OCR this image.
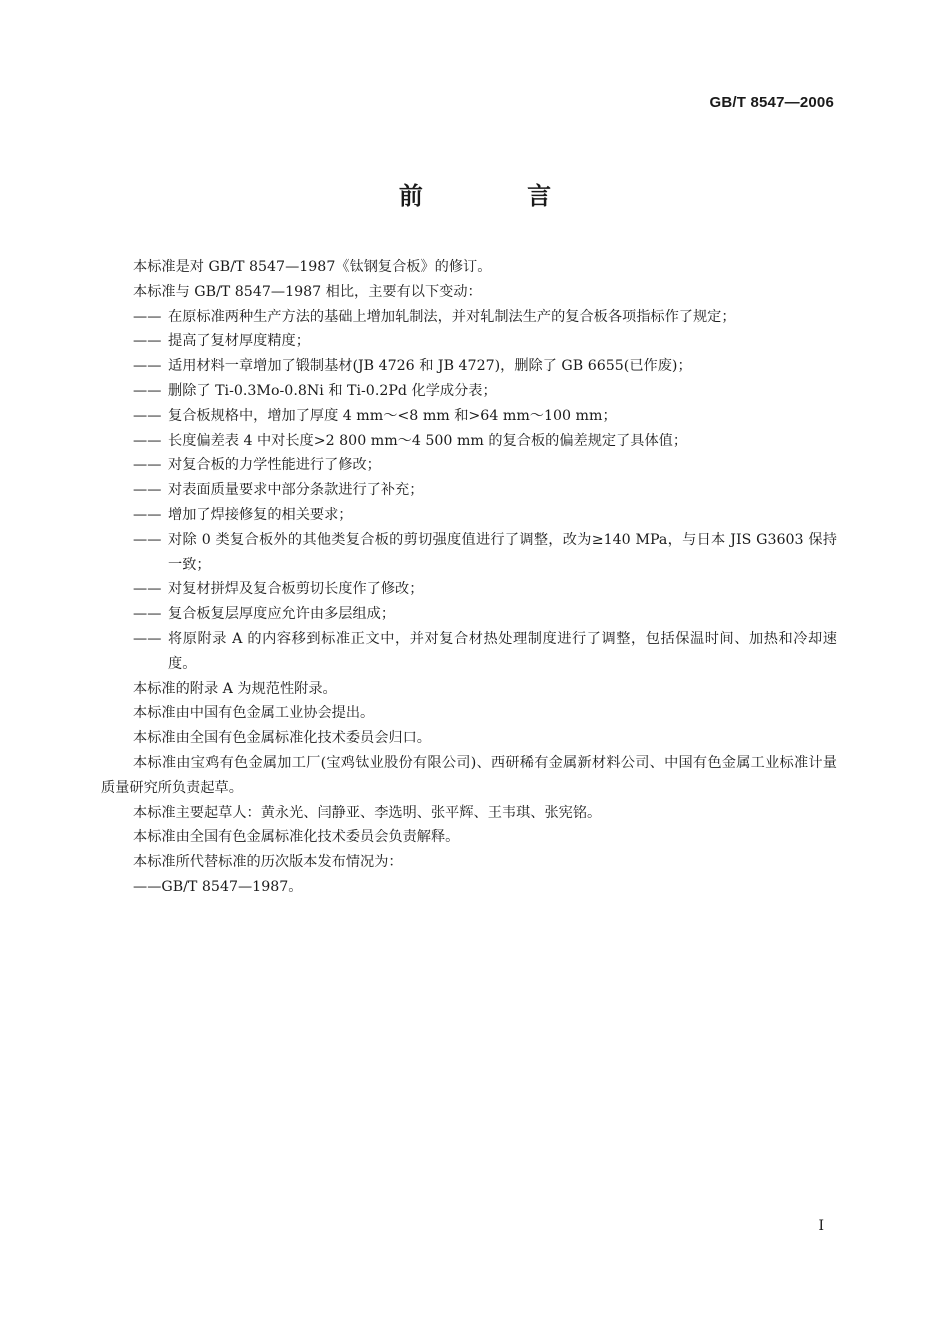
GB/T 8547—2006
前 言

本标准是对 GB/T 8547—1987《钛钢复合板》的修订。

本标准与 GB/T 8547—1987 相比，主要有以下变动：

—— 在原标准两种生产方法的基础上增加轧制法，并对轧制法生产的复合板各项指标作了规定；
—— 提高了复材厚度精度；
—— 适用材料一章增加了锻制基材(JB 4726 和 JB 4727)，删除了 GB 6655(已作废)；
—— 删除了 Ti-0.3Mo-0.8Ni 和 Ti-0.2Pd 化学成分表；
—— 复合板规格中，增加了厚度 4 mm～<8 mm 和>64 mm～100 mm；
—— 长度偏差表 4 中对长度>2 800 mm～4 500 mm 的复合板的偏差规定了具体值；
—— 对复合板的力学性能进行了修改；
—— 对表面质量要求中部分条款进行了补充；
—— 增加了焊接修复的相关要求；
—— 对除 0 类复合板外的其他类复合板的剪切强度值进行了调整，改为≥140 MPa，与日本 JIS G3603 保持一致；
—— 对复材拼焊及复合板剪切长度作了修改；
—— 复合板复层厚度应允许由多层组成；
—— 将原附录 A 的内容移到标准正文中，并对复合材热处理制度进行了调整，包括保温时间、加热和冷却速度。

本标准的附录 A 为规范性附录。

本标准由中国有色金属工业协会提出。

本标准由全国有色金属标准化技术委员会归口。

本标准由宝鸡有色金属加工厂(宝鸡钛业股份有限公司)、西研稀有金属新材料公司、中国有色金属工业标准计量质量研究所负责起草。

本标准主要起草人：黄永光、闫静亚、李选明、张平辉、王韦琪、张宪铭。

本标准由全国有色金属标准化技术委员会负责解释。

本标准所代替标准的历次版本发布情况为：

——GB/T 8547—1987。

I
